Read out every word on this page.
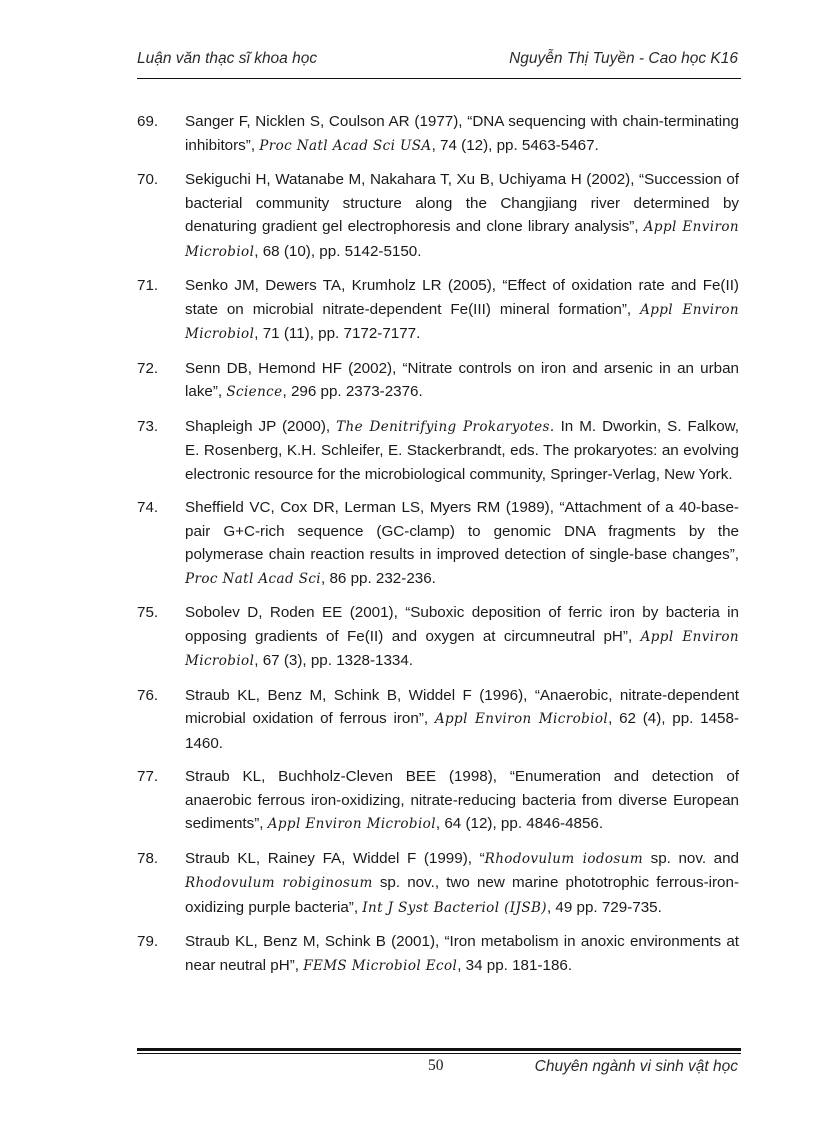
Luận văn thạc sĩ khoa học	Nguyễn Thị Tuyền - Cao học K16
69. Sanger F, Nicklen S, Coulson AR (1977), “DNA sequencing with chain-terminating inhibitors”, Proc Natl Acad Sci USA, 74 (12), pp. 5463-5467.
70. Sekiguchi H, Watanabe M, Nakahara T, Xu B, Uchiyama H (2002), “Succession of bacterial community structure along the Changjiang river determined by denaturing gradient gel electrophoresis and clone library analysis”, Appl Environ Microbiol, 68 (10), pp. 5142-5150.
71. Senko JM, Dewers TA, Krumholz LR (2005), “Effect of oxidation rate and Fe(II) state on microbial nitrate-dependent Fe(III) mineral formation”, Appl Environ Microbiol, 71 (11), pp. 7172-7177.
72. Senn DB, Hemond HF (2002), “Nitrate controls on iron and arsenic in an urban lake”, Science, 296 pp. 2373-2376.
73. Shapleigh JP (2000), The Denitrifying Prokaryotes. In M. Dworkin, S. Falkow, E. Rosenberg, K.H. Schleifer, E. Stackerbrandt, eds. The prokaryotes: an evolving electronic resource for the microbiological community, Springer-Verlag, New York.
74. Sheffield VC, Cox DR, Lerman LS, Myers RM (1989), “Attachment of a 40-base-pair G+C-rich sequence (GC-clamp) to genomic DNA fragments by the polymerase chain reaction results in improved detection of single-base changes”, Proc Natl Acad Sci, 86 pp. 232-236.
75. Sobolev D, Roden EE (2001), “Suboxic deposition of ferric iron by bacteria in opposing gradients of Fe(II) and oxygen at circumneutral pH”, Appl Environ Microbiol, 67 (3), pp. 1328-1334.
76. Straub KL, Benz M, Schink B, Widdel F (1996), “Anaerobic, nitrate-dependent microbial oxidation of ferrous iron”, Appl Environ Microbiol, 62 (4), pp. 1458-1460.
77. Straub KL, Buchholz-Cleven BEE (1998), “Enumeration and detection of anaerobic ferrous iron-oxidizing, nitrate-reducing bacteria from diverse European sediments”, Appl Environ Microbiol, 64 (12), pp. 4846-4856.
78. Straub KL, Rainey FA, Widdel F (1999), “Rhodovulum iodosum sp. nov. and Rhodovulum robiginosum sp. nov., two new marine phototrophic ferrous-iron-oxidizing purple bacteria”, Int J Syst Bacteriol (IJSB), 49 pp. 729-735.
79. Straub KL, Benz M, Schink B (2001), “Iron metabolism in anoxic environments at near neutral pH”, FEMS Microbiol Ecol, 34 pp. 181-186.
50	Chuyên ngành vi sinh vật học
